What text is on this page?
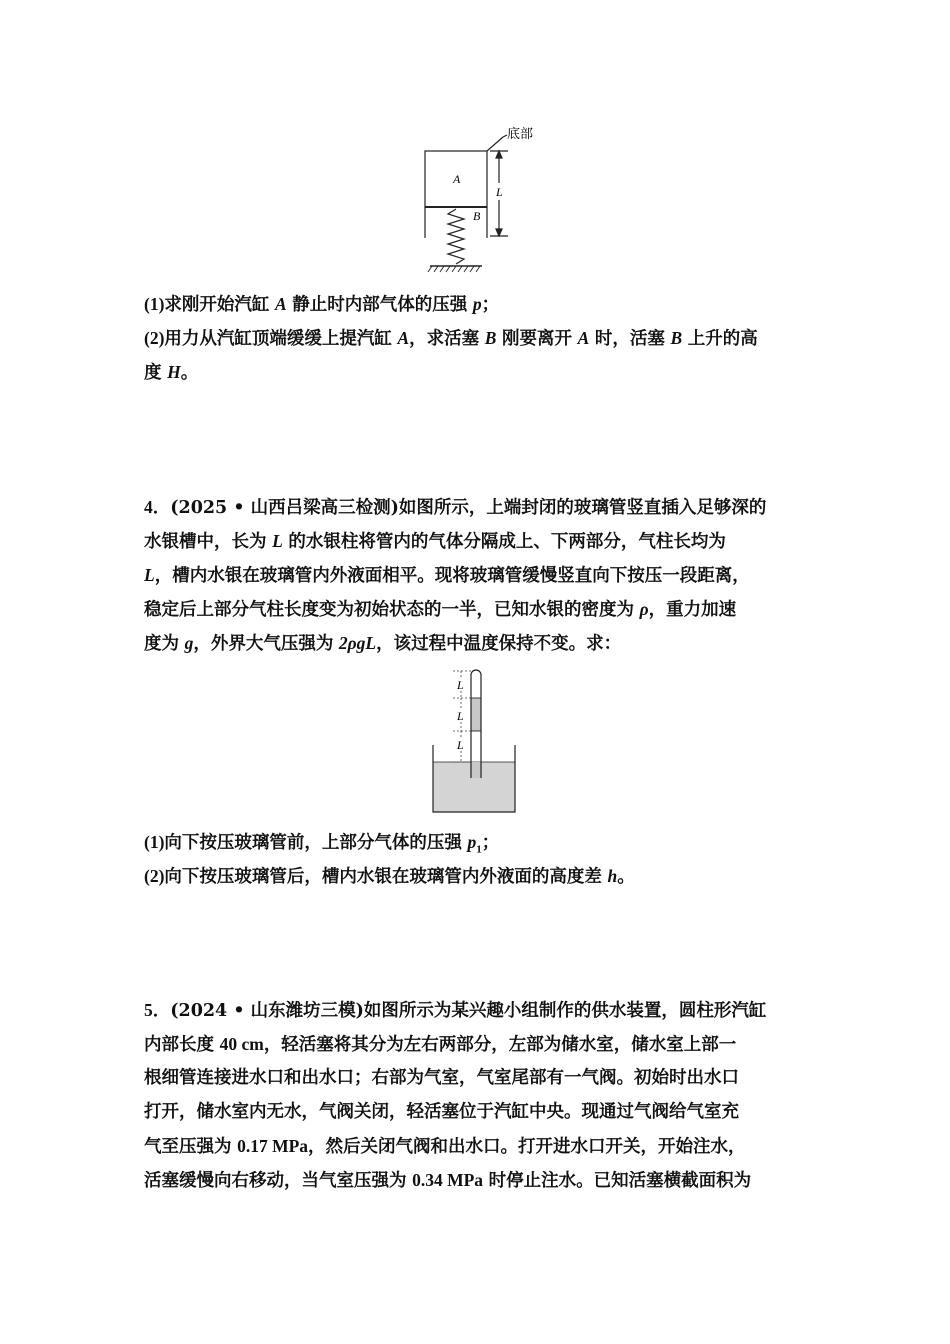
A
L
B
底部
(1)求刚开始汽缸 A 静止时内部气体的压强 p；
(2)用力从汽缸顶端缓缓上提汽缸 A，求活塞 B 刚要离开 A 时，活塞 B 上升的高
度 H。
4．(2025 • 山西吕梁高三检测)如图所示，上端封闭的玻璃管竖直插入足够深的
水银槽中，长为 L 的水银柱将管内的气体分隔成上、下两部分，气柱长均为
L，槽内水银在玻璃管内外液面相平。现将玻璃管缓慢竖直向下按压一段距离，
稳定后上部分气柱长度变为初始状态的一半，已知水银的密度为 ρ，重力加速
度为 g，外界大气压强为 2ρgL，该过程中温度保持不变。求：
L
L
L
(1)向下按压玻璃管前，上部分气体的压强 $p_1$；
(2)向下按压玻璃管后，槽内水银在玻璃管内外液面的高度差 h。
5．(2024 • 山东潍坊三模)如图所示为某兴趣小组制作的供水装置，圆柱形汽缸
内部长度 40 cm，轻活塞将其分为左右两部分，左部为储水室，储水室上部一
根细管连接进水口和出水口；右部为气室，气室尾部有一气阀。初始时出水口
打开，储水室内无水，气阀关闭，轻活塞位于汽缸中央。现通过气阀给气室充
气至压强为 0.17 MPa，然后关闭气阀和出水口。打开进水口开关，开始注水，
活塞缓慢向右移动，当气室压强为 0.34 MPa 时停止注水。已知活塞横截面积为
